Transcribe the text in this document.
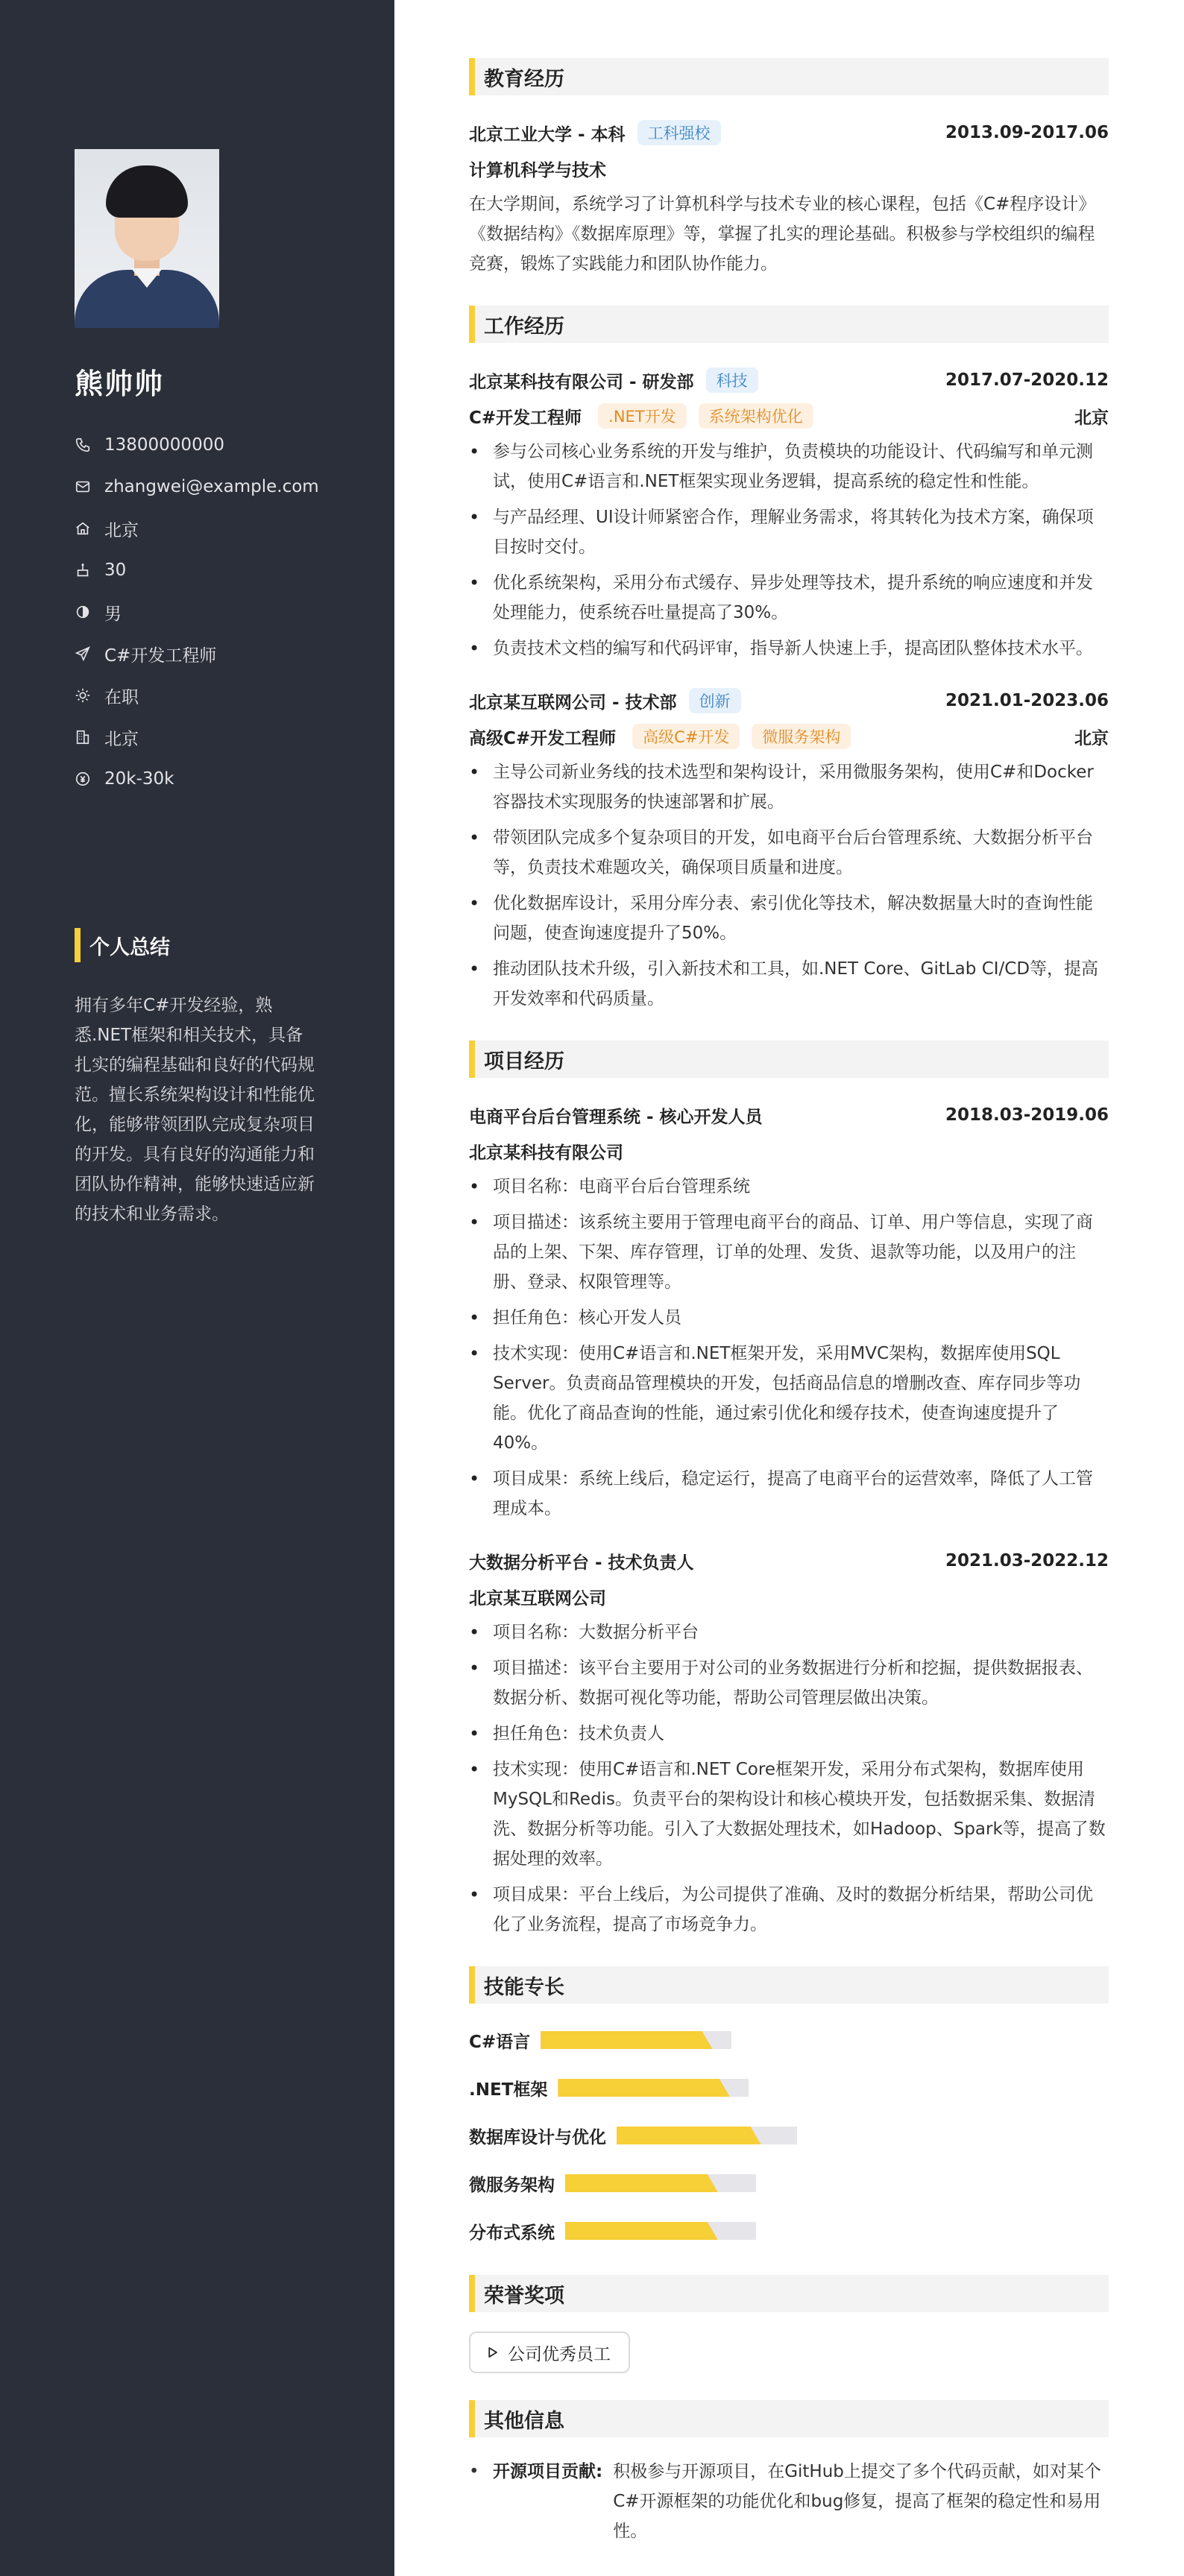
熊帅帅
13800000000
zhangwei@example.com
北京
30
男
C#开发工程师
在职
北京
20k-30k
个人总结

拥有多年C#开发经验，熟悉.NET框架和相关技术，具备扎实的编程基础和良好的代码规范。擅长系统架构设计和性能优化，能够带领团队完成复杂项目的开发。具有良好的沟通能力和团队协作精神，能够快速适应新的技术和业务需求。

教育经历
北京工业大学 - 本科	工科强校	2013.09-2017.06
计算机科学与技术

在大学期间，系统学习了计算机科学与技术专业的核心课程，包括《C#程序设计》《数据结构》《数据库原理》等，掌握了扎实的理论基础。积极参与学校组织的编程竞赛，锻炼了实践能力和团队协作能力。

工作经历
北京某科技有限公司 - 研发部	科技	2017.07-2020.12
C#开发工程师	.NET开发	系统架构优化	北京
• 参与公司核心业务系统的开发与维护，负责模块的功能设计、代码编写和单元测试，使用C#语言和.NET框架实现业务逻辑，提高系统的稳定性和性能。
• 与产品经理、UI设计师紧密合作，理解业务需求，将其转化为技术方案，确保项目按时交付。
• 优化系统架构，采用分布式缓存、异步处理等技术，提升系统的响应速度和并发处理能力，使系统吞吐量提高了30%。
• 负责技术文档的编写和代码评审，指导新人快速上手，提高团队整体技术水平。
北京某互联网公司 - 技术部	创新	2021.01-2023.06
高级C#开发工程师	高级C#开发	微服务架构	北京
• 主导公司新业务线的技术选型和架构设计，采用微服务架构，使用C#和Docker容器技术实现服务的快速部署和扩展。
• 带领团队完成多个复杂项目的开发，如电商平台后台管理系统、大数据分析平台等，负责技术难题攻关，确保项目质量和进度。
• 优化数据库设计，采用分库分表、索引优化等技术，解决数据量大时的查询性能问题，使查询速度提升了50%。
• 推动团队技术升级，引入新技术和工具，如.NET Core、GitLab CI/CD等，提高开发效率和代码质量。
项目经历
电商平台后台管理系统 - 核心开发人员	2018.03-2019.06
北京某科技有限公司
• 项目名称：电商平台后台管理系统
• 项目描述：该系统主要用于管理电商平台的商品、订单、用户等信息，实现了商品的上架、下架、库存管理，订单的处理、发货、退款等功能，以及用户的注册、登录、权限管理等。
• 担任角色：核心开发人员
• 技术实现：使用C#语言和.NET框架开发，采用MVC架构，数据库使用SQL Server。负责商品管理模块的开发，包括商品信息的增删改查、库存同步等功能。优化了商品查询的性能，通过索引优化和缓存技术，使查询速度提升了40%。
• 项目成果：系统上线后，稳定运行，提高了电商平台的运营效率，降低了人工管理成本。
大数据分析平台 - 技术负责人	2021.03-2022.12
北京某互联网公司
• 项目名称：大数据分析平台
• 项目描述：该平台主要用于对公司的业务数据进行分析和挖掘，提供数据报表、数据分析、数据可视化等功能，帮助公司管理层做出决策。
• 担任角色：技术负责人
• 技术实现：使用C#语言和.NET Core框架开发，采用分布式架构，数据库使用MySQL和Redis。负责平台的架构设计和核心模块开发，包括数据采集、数据清洗、数据分析等功能。引入了大数据处理技术，如Hadoop、Spark等，提高了数据处理的效率。
• 项目成果：平台上线后，为公司提供了准确、及时的数据分析结果，帮助公司优化了业务流程，提高了市场竞争力。
技能专长
C#语言
.NET框架
数据库设计与优化
微服务架构
分布式系统
荣誉奖项
公司优秀员工
其他信息
• 开源项目贡献: 积极参与开源项目，在GitHub上提交了多个代码贡献，如对某个C#开源框架的功能优化和bug修复，提高了框架的稳定性和易用性。
